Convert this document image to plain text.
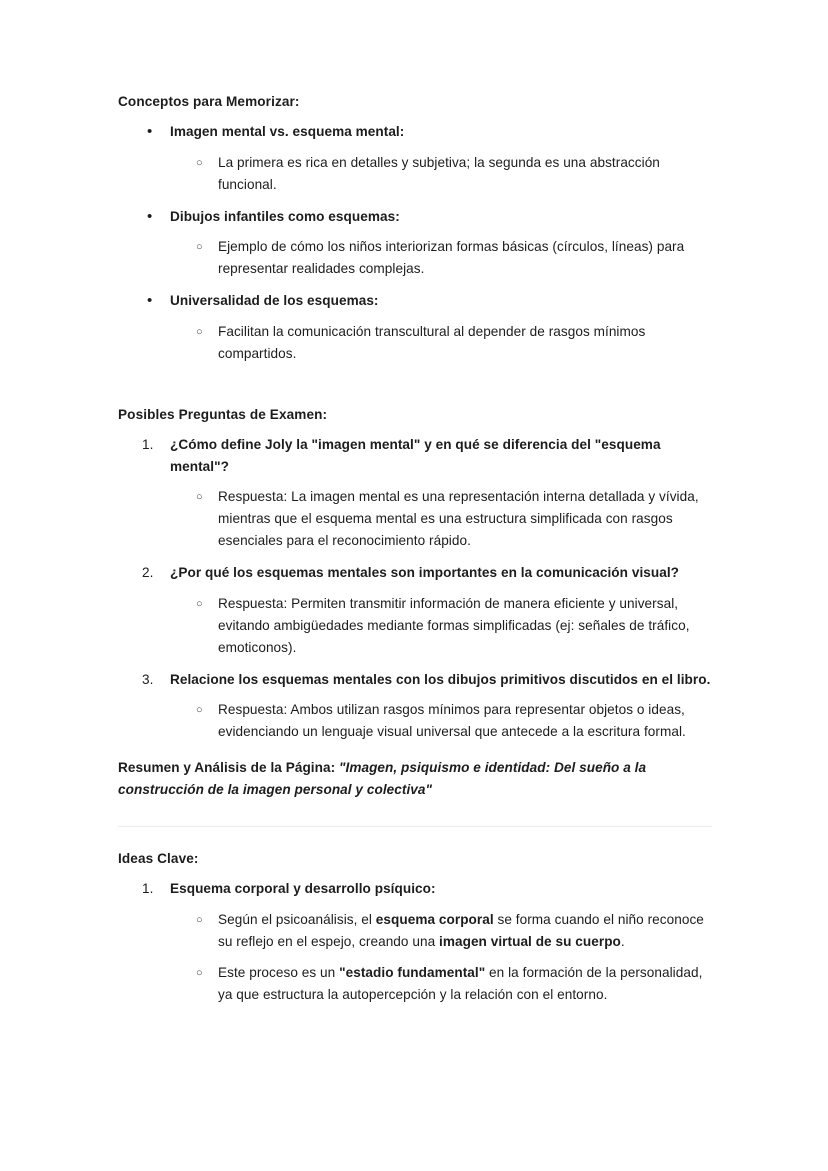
Conceptos para Memorizar:
•	Imagen mental vs. esquema mental:
○ La primera es rica en detalles y subjetiva; la segunda es una abstracción funcional.
•	Dibujos infantiles como esquemas:
○ Ejemplo de cómo los niños interiorizan formas básicas (círculos, líneas) para representar realidades complejas.
•	Universalidad de los esquemas:
○ Facilitan la comunicación transcultural al depender de rasgos mínimos compartidos.
Posibles Preguntas de Examen:
1.	¿Cómo define Joly la "imagen mental" y en qué se diferencia del "esquema mental"?
○ Respuesta: La imagen mental es una representación interna detallada y vívida, mientras que el esquema mental es una estructura simplificada con rasgos esenciales para el reconocimiento rápido.
2.	¿Por qué los esquemas mentales son importantes en la comunicación visual?
○ Respuesta: Permiten transmitir información de manera eficiente y universal, evitando ambigüedades mediante formas simplificadas (ej: señales de tráfico, emoticonos).
3.	Relacione los esquemas mentales con los dibujos primitivos discutidos en el libro.
○ Respuesta: Ambos utilizan rasgos mínimos para representar objetos o ideas, evidenciando un lenguaje visual universal que antecede a la escritura formal.

Resumen y Análisis de la Página: "Imagen, psiquismo e identidad: Del sueño a la construcción de la imagen personal y colectiva"

Ideas Clave:
1.	Esquema corporal y desarrollo psíquico:
○ Según el psicoanálisis, el esquema corporal se forma cuando el niño reconoce su reflejo en el espejo, creando una imagen virtual de su cuerpo.
○ Este proceso es un "estadio fundamental" en la formación de la personalidad, ya que estructura la autopercepción y la relación con el entorno.
